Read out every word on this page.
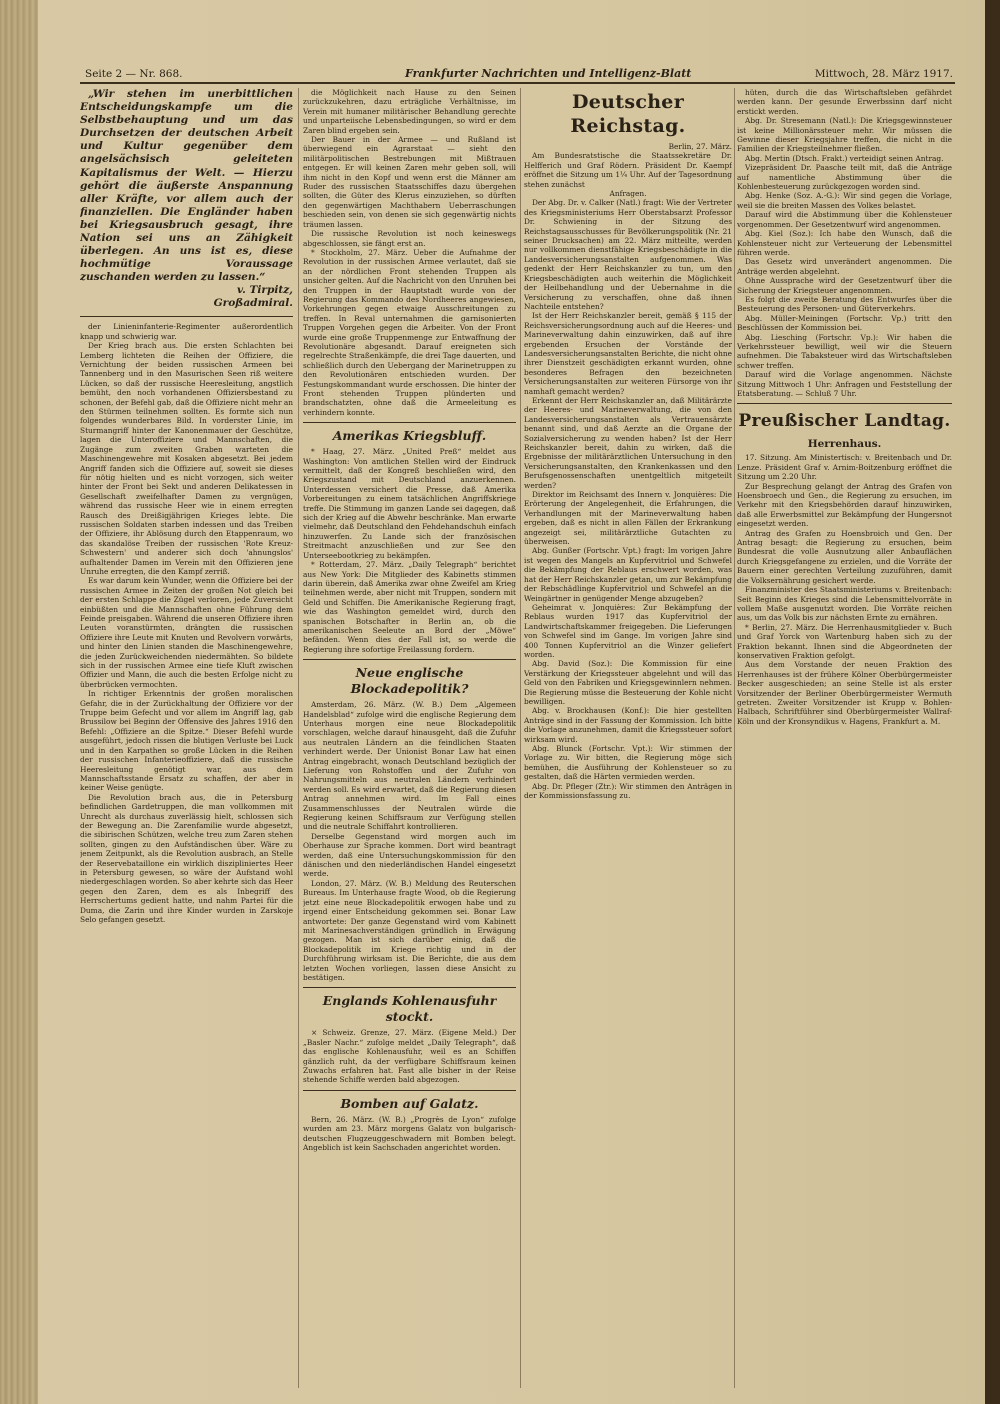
Seite 2 — Nr. 868.	Frankfurter Nachrichten und Intelligenz-Blatt	Mittwoch, 28. März 1917.

„Wir stehen im unerbittlichen Entscheidungskampfe um die Selbstbehauptung und um das Durchsetzen der deutschen Arbeit und Kultur gegenüber dem angelsächsisch geleiteten Kapitalismus der Welt. — Hierzu gehört die äußerste Anspannung aller Kräfte, vor allem auch der finanziellen. Die Engländer haben bei Kriegsausbruch gesagt, ihre Nation sei uns an Zähigkeit überlegen. An uns ist es, diese hochmütige Voraussage zuschanden werden zu lassen.“

v. Tirpitz,

Großadmiral.

der Linieninfanterie-Regimenter außerordentlich knapp und schwierig war.

Der Krieg brach aus. Die ersten Schlachten bei Lemberg lichteten die Reihen der Offiziere, die Vernichtung der beiden russischen Armeen bei Tannenberg und in den Masurischen Seen riß weitere Lücken, so daß der russische Heeresleitung, angstlich bemüht, den noch vorhandenen Offiziersbestand zu schonen, der Befehl gab, daß die Offiziere nicht mehr an den Stürmen teilnehmen sollten. Es formte sich nun folgendes wunderbares Bild. In vorderster Linie, im Sturmangriff hinter der Kanonenmauer der Geschütze, lagen die Unteroffiziere und Mannschaften, die Zugänge zum zweiten Graben warteten die Maschinengewehre mit Kosaken abgesetzt. Bei jedem Angriff fanden sich die Offiziere auf, soweit sie dieses für nötig hielten und es nicht vorzogen, sich weiter hinter der Front bei Sekt und anderen Delikatessen in Gesellschaft zweifelhafter Damen zu vergnügen, während das russische Heer wie in einem erregten Rausch des Dreißigjährigen Krieges lebte. Die russischen Soldaten starben indessen und das Treiben der Offiziere, ihr Ablösung durch den Etappenraum, wo das skandalöse Treiben der russischen 'Rote Kreuz-Schwestern' und anderer sich doch 'ahnungslos' aufhaltender Damen im Verein mit den Offizieren jene Unruhe erregten, die den Kampf zerriß.

Es war darum kein Wunder, wenn die Offiziere bei der russischen Armee in Zeiten der großen Not gleich bei der ersten Schlappe die Zügel verloren, jede Zuversicht einbüßten und die Mannschaften ohne Führung dem Feinde preisgaben. Während die unseren Offiziere ihren Leuten voranstürmten, drängten die russischen Offiziere ihre Leute mit Knuten und Revolvern vorwärts, und hinter den Linien standen die Maschinengewehre, die jeden Zurückweichenden niedermähten. So bildete sich in der russischen Armee eine tiefe Kluft zwischen Offizier und Mann, die auch die besten Erfolge nicht zu überbrücken vermochten.

In richtiger Erkenntnis der großen moralischen Gefahr, die in der Zurückhaltung der Offiziere vor der Truppe beim Gefecht und vor allem im Angriff lag, gab Brussilow bei Beginn der Offensive des Jahres 1916 den Befehl: „Offiziere an die Spitze.“ Dieser Befehl wurde ausgeführt, jedoch rissen die blutigen Verluste bei Luck und in den Karpathen so große Lücken in die Reihen der russischen Infanterieoffiziere, daß die russische Heeresleitung genötigt war, aus dem Mannschaftsstande Ersatz zu schaffen, der aber in keiner Weise genügte.

Die Revolution brach aus, die in Petersburg befindlichen Gardetruppen, die man vollkommen mit Unrecht als durchaus zuverlässig hielt, schlossen sich der Bewegung an. Die Zarenfamilie wurde abgesetzt, die sibirischen Schützen, welche treu zum Zaren stehen sollten, gingen zu den Aufständischen über. Wäre zu jenem Zeitpunkt, als die Revolution ausbrach, an Stelle der Reservebataillone ein wirklich diszipliniertes Heer in Petersburg gewesen, so wäre der Aufstand wohl niedergeschlagen worden. So aber kehrte sich das Heer gegen den Zaren, dem es als Inbegriff des Herrschertums gedient hatte, und nahm Partei für die Duma, die Zarin und ihre Kinder wurden in Zarskoje Selo gefangen gesetzt.

die Möglichkeit nach Hause zu den Seinen zurückzukehren, dazu erträgliche Verhältnisse, im Verein mit humaner militärischer Behandlung gerechte und unparteiische Lebensbedingungen, so wird er dem Zaren blind ergeben sein.

Der Bauer in der Armee — und Rußland ist überwiegend ein Agrarstaat — sieht den militärpolitischen Bestrebungen mit Mißtrauen entgegen. Er will keinen Zaren mehr geben soll, will ihm nicht in den Kopf und wenn erst die Männer am Ruder des russischen Staatsschiffes dazu übergehen sollten, die Güter des Klerus einzuziehen, so dürften den gegenwärtigen Machthabern Ueberraschungen beschieden sein, von denen sie sich gegenwärtig nichts träumen lassen.

Die russische Revolution ist noch keineswegs abgeschlossen, sie fängt erst an.

* Stockholm, 27. März. Ueber die Aufnahme der Revolution in der russischen Armee verlautet, daß sie an der nördlichen Front stehenden Truppen als unsicher gelten. Auf die Nachricht von den Unruhen bei den Truppen in der Hauptstadt wurde von der Regierung das Kommando des Nordheeres angewiesen, Vorkehrungen gegen etwaige Ausschreitungen zu treffen. In Reval unternahmen die garnisonierten Truppen Vorgehen gegen die Arbeiter. Von der Front wurde eine große Truppenmenge zur Entwaffnung der Revolutionäre abgesandt. Darauf ereigneten sich regelrechte Straßenkämpfe, die drei Tage dauerten, und schließlich durch den Uebergang der Marinetruppen zu den Revolutionären entschieden wurden. Der Festungskommandant wurde erschossen. Die hinter der Front stehenden Truppen plünderten und brandschatzten, ohne daß die Armeeleitung es verhindern konnte.

Amerikas Kriegsbluff.

* Haag, 27. März. „United Preß“ meldet aus Washington: Von amtlichen Stellen wird der Eindruck vermittelt, daß der Kongreß beschließen wird, den Kriegszustand mit Deutschland anzuerkennen. Unterdessen versichert die Presse, daß Amerika Vorbereitungen zu einem tatsächlichen Angriffskriege treffe. Die Stimmung im ganzen Lande sei dagegen, daß sich der Krieg auf die Abwehr beschränke. Man erwarte vielmehr, daß Deutschland den Fehdehandschuh einfach hinzuwerfen. Zu Lande sich der französischen Streitmacht anzuschließen und zur See den Unterseebootkrieg zu bekämpfen.

* Rotterdam, 27. März. „Daily Telegraph“ berichtet aus New York: Die Mitglieder des Kabinetts stimmen darin überein, daß Amerika zwar ohne Zweifel am Krieg teilnehmen werde, aber nicht mit Truppen, sondern mit Geld und Schiffen. Die Amerikanische Regierung fragt, wie das Washington gemeldet wird, durch den spanischen Botschafter in Berlin an, ob die amerikanischen Seeleute an Bord der „Möwe“ befänden. Wenn dies der Fall ist, so werde die Regierung ihre sofortige Freilassung fordern.

Neue englische Blockadepolitik?

Amsterdam, 26. März. (W. B.) Dem „Algemeen Handelsblad“ zufolge wird die englische Regierung dem Unterhaus morgen eine neue Blockadepolitik vorschlagen, welche darauf hinausgeht, daß die Zufuhr aus neutralen Ländern an die feindlichen Staaten verhindert werde. Der Unionist Bonar Law hat einen Antrag eingebracht, wonach Deutschland bezüglich der Lieferung von Rohstoffen und der Zufuhr von Nahrungsmitteln aus neutralen Ländern verhindert werden soll. Es wird erwartet, daß die Regierung diesen Antrag annehmen wird. Im Fall eines Zusammenschlusses der Neutralen würde die Regierung keinen Schiffsraum zur Verfügung stellen und die neutrale Schiffahrt kontrollieren.

Derselbe Gegenstand wird morgen auch im Oberhause zur Sprache kommen. Dort wird beantragt werden, daß eine Untersuchungskommission für den dänischen und den niederländischen Handel eingesetzt werde.

London, 27. März. (W. B.) Meldung des Reuterschen Bureaus. Im Unterhause fragte Wood, ob die Regierung jetzt eine neue Blockadepolitik erwogen habe und zu irgend einer Entscheidung gekommen sei. Bonar Law antwortete: Der ganze Gegenstand wird vom Kabinett mit Marinesachverständigen gründlich in Erwägung gezogen. Man ist sich darüber einig, daß die Blockadepolitik im Kriege richtig und in der Durchführung wirksam ist. Die Berichte, die aus dem letzten Wochen vorliegen, lassen diese Ansicht zu bestätigen.

Englands Kohlenausfuhr stockt.

× Schweiz. Grenze, 27. März. (Eigene Meld.) Der „Basler Nachr.“ zufolge meldet „Daily Telegraph“, daß das englische Kohlenausfuhr, weil es an Schiffen gänzlich ruht, da der verfügbare Schiffsraum keinen Zuwachs erfahren hat. Fast alle bisher in der Reise stehende Schiffe werden bald abgezogen.

Bomben auf Galatz.

Bern, 26. März. (W. B.) „Progrès de Lyon“ zufolge wurden am 23. März morgens Galatz von bulgarisch-deutschen Flugzeuggeschwadern mit Bomben belegt. Angeblich ist kein Sachschaden angerichtet worden.

Deutscher Reichstag.

Berlin, 27. März.

Am Bundesratstische die Staatssekretäre Dr. Helfferich und Graf Rödern. Präsident Dr. Kaempf eröffnet die Sitzung um 1¼ Uhr. Auf der Tagesordnung stehen zunächst

Anfragen.

Der Abg. Dr. v. Calker (Natl.) fragt: Wie der Vertreter des Kriegsministeriums Herr Oberstabsarzt Professor Dr. Schwiening in der Sitzung des Reichstagsausschusses für Bevölkerungspolitik (Nr. 21 seiner Drucksachen) am 22. März mitteilte, werden nur vollkommen dienstfähige Kriegsbeschädigte in die Landesversicherungsanstalten aufgenommen. Was gedenkt der Herr Reichskanzler zu tun, um den Kriegsbeschädigten auch weiterhin die Möglichkeit der Heilbehandlung und der Uebernahme in die Versicherung zu verschaffen, ohne daß ihnen Nachteile entstehen?

Ist der Herr Reichskanzler bereit, gemäß § 115 der Reichsversicherungsordnung auch auf die Heeres- und Marineverwaltung dahin einzuwirken, daß auf ihre ergebenden Ersuchen der Vorstände der Landesversicherungsanstalten Berichte, die nicht ohne ihrer Dienstzeit geschädigten erkannt wurden, ohne besonderes Befragen den bezeichneten Versicherungsanstalten zur weiteren Fürsorge von ihr namhaft gemacht werden?

Erkennt der Herr Reichskanzler an, daß Militärärzte der Heeres- und Marineverwaltung, die von den Landesversicherungsanstalten als Vertrauensärzte benannt sind, und daß Aerzte an die Organe der Sozialversicherung zu wenden haben? Ist der Herr Reichskanzler bereit, dahin zu wirken, daß die Ergebnisse der militärärztlichen Untersuchung in den Versicherungsanstalten, den Krankenkassen und den Berufsgenossenschaften unentgeltlich mitgeteilt werden?

Direktor im Reichsamt des Innern v. Jonquières: Die Erörterung der Angelegenheit, die Erfahrungen, die Verhandlungen mit der Marineverwaltung haben ergeben, daß es nicht in allen Fällen der Erkrankung angezeigt sei, militärärztliche Gutachten zu überweisen.

Abg. Gunßer (Fortschr. Vpt.) fragt: Im vorigen Jahre ist wegen des Mangels an Kupfervitriol und Schwefel die Bekämpfung der Reblaus erschwert worden, was hat der Herr Reichskanzler getan, um zur Bekämpfung der Rebschädlinge Kupfervitriol und Schwefel an die Weingärtner in genügender Menge abzugeben?

Geheimrat v. Jonquières: Zur Bekämpfung der Reblaus wurden 1917 das Kupfervitriol der Landwirtschaftskammer freigegeben. Die Lieferungen von Schwefel sind im Gange. Im vorigen Jahre sind 400 Tonnen Kupfervitriol an die Winzer geliefert worden.

Abg. David (Soz.): Die Kommission für eine Verstärkung der Kriegssteuer abgelehnt und will das Geld von den Fabriken und Kriegsgewinnlern nehmen. Die Regierung müsse die Besteuerung der Kohle nicht bewilligen.

Abg. v. Brockhausen (Konf.): Die hier gestellten Anträge sind in der Fassung der Kommission. Ich bitte die Vorlage anzunehmen, damit die Kriegssteuer sofort wirksam wird.

Abg. Blunck (Fortschr. Vpt.): Wir stimmen der Vorlage zu. Wir bitten, die Regierung möge sich bemühen, die Ausführung der Kohlensteuer so zu gestalten, daß die Härten vermieden werden.

Abg. Dr. Pfleger (Ztr.): Wir stimmen den Anträgen in der Kommissionsfassung zu.

hüten, durch die das Wirtschaftsleben gefährdet werden kann. Der gesunde Erwerbssinn darf nicht erstickt werden.

Abg. Dr. Stresemann (Natl.): Die Kriegsgewinnsteuer ist keine Millionärssteuer mehr. Wir müssen die Gewinne dieser Kriegsjahre treffen, die nicht in die Familien der Kriegsteilnehmer fließen.

Abg. Mertin (Dtsch. Frakt.) verteidigt seinen Antrag.

Vizepräsident Dr. Paasche teilt mit, daß die Anträge auf namentliche Abstimmung über die Kohlenbesteuerung zurückgezogen worden sind.

Abg. Henke (Soz. A.-G.): Wir sind gegen die Vorlage, weil sie die breiten Massen des Volkes belastet.

Darauf wird die Abstimmung über die Kohlensteuer vorgenommen. Der Gesetzentwurf wird angenommen.

Abg. Kiel (Soz.): Ich habe den Wunsch, daß die Kohlensteuer nicht zur Verteuerung der Lebensmittel führen werde.

Das Gesetz wird unverändert angenommen. Die Anträge werden abgelehnt.

Ohne Aussprache wird der Gesetzentwurf über die Sicherung der Kriegsteuer angenommen.

Es folgt die zweite Beratung des Entwurfes über die Besteuerung des Personen- und Güterverkehrs.

Abg. Müller-Meiningen (Fortschr. Vp.) tritt den Beschlüssen der Kommission bei.

Abg. Liesching (Fortschr. Vp.): Wir haben die Verkehrssteuer bewilligt, weil wir die Steuern aufnehmen. Die Tabaksteuer wird das Wirtschaftsleben schwer treffen.

Darauf wird die Vorlage angenommen. Nächste Sitzung Mittwoch 1 Uhr: Anfragen und Feststellung der Etatsberatung. — Schluß 7 Uhr.

Preußischer Landtag.
Herrenhaus.

17. Sitzung. Am Ministertisch: v. Breitenbach und Dr. Lenze. Präsident Graf v. Arnim-Boitzenburg eröffnet die Sitzung um 2.20 Uhr.

Zur Besprechung gelangt der Antrag des Grafen von Hoensbroech und Gen., die Regierung zu ersuchen, im Verkehr mit den Kriegsbehörden darauf hinzuwirken, daß alle Erwerbsmittel zur Bekämpfung der Hungersnot eingesetzt werden.

Antrag des Grafen zu Hoensbroich und Gen. Der Antrag besagt: die Regierung zu ersuchen, beim Bundesrat die volle Ausnutzung aller Anbauflächen durch Kriegsgefangene zu erzielen, und die Vorräte der Bauern einer gerechten Verteilung zuzuführen, damit die Volksernährung gesichert werde.

Finanzminister des Staatsministeriums v. Breitenbach: Seit Beginn des Krieges sind die Lebensmittelvorräte in vollem Maße ausgenutzt worden. Die Vorräte reichen aus, um das Volk bis zur nächsten Ernte zu ernähren.

* Berlin, 27. März. Die Herrenhausmitglieder v. Buch und Graf Yorck von Wartenburg haben sich zu der Fraktion bekannt. Ihnen sind die Abgeordneten der konservativen Fraktion gefolgt.

Aus dem Vorstande der neuen Fraktion des Herrenhauses ist der frühere Kölner Oberbürgermeister Becker ausgeschieden; an seine Stelle ist als erster Vorsitzender der Berliner Oberbürgermeister Wermuth getreten. Zweiter Vorsitzender ist Krupp v. Bohlen-Halbach, Schriftführer sind Oberbürgermeister Wallraf-Köln und der Kronsyndikus v. Hagens, Frankfurt a. M.
